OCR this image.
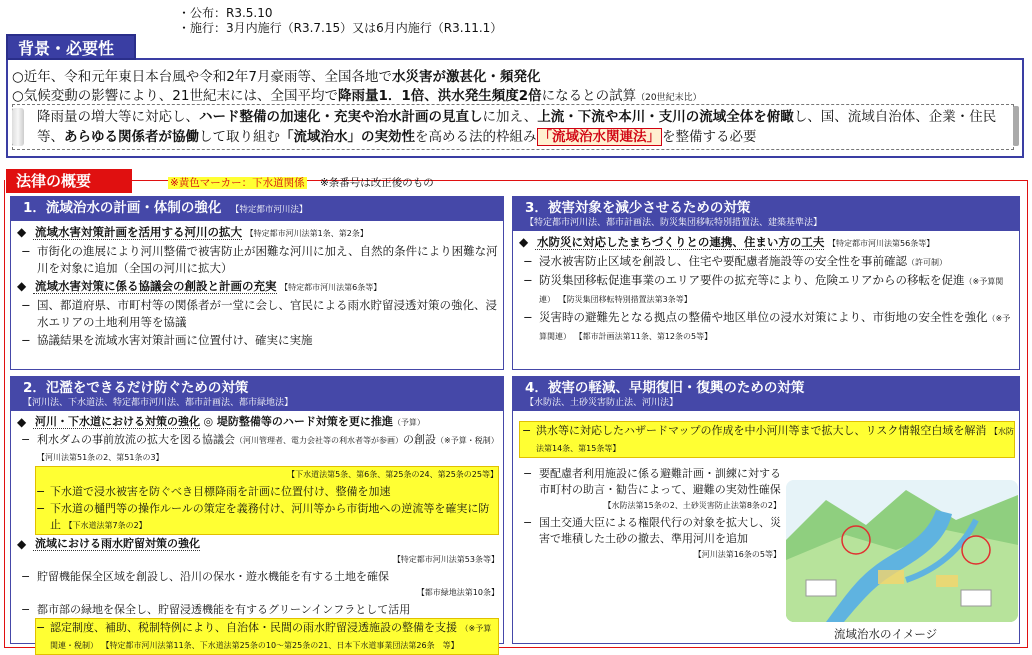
・公布：R3.5.10
・施行：3月内施行（R3.7.15）又は6月内施行（R3.11.1）
○近年、令和元年東日本台風や令和2年7月豪雨等、全国各地で水災害が激甚化・頻発化
○気候変動の影響により、21世紀末には、全国平均で降雨量1．1倍、洪水発生頻度2倍になるとの試算（20世紀末比）
背景・必要性

降雨量の増大等に対応し、ハード整備の加速化・充実や治水計画の見直しに加え、上流・下流や本川・支川の流域全体を俯瞰し、国、流域自治体、企業・住民等、あらゆる関係者が協働して取り組む「流域治水」の実効性を高める法的枠組み 「流域治水関連法」 を整備する必要

法律の概要	※黄色マーカー：下水道関係 ※条番号は改正後のもの
1．流域治水の計画・体制の強化 【特定都市河川法】
◆ 流域水害対策計画を活用する河川の拡大 【特定都市河川法第1条、第2条】
− 市街化の進展により河川整備で被害防止が困難な河川に加え、自然的条件により困難な河川を対象に追加（全国の河川に拡大）
◆ 流域水害対策に係る協議会の創設と計画の充実 【特定都市河川法第6条等】
− 国、都道府県、市町村等の関係者が一堂に会し、官民による雨水貯留浸透対策の強化、浸水エリアの土地利用等を協議
− 協議結果を流域水害対策計画に位置付け、確実に実施
2．氾濫をできるだけ防ぐための対策
【河川法、下水道法、特定都市河川法、都市計画法、都市緑地法】
◆ 河川・下水道における対策の強化 ◎ 堤防整備等のハード対策を更に推進（予算）
− 利水ダムの事前放流の拡大を図る協議会（河川管理者、電力会社等の利水者等が参画）の創設（※予算・税制） 【河川法第51条の2、第51条の3】
【下水道法第5条、第6条、第25条の24、第25条の25等】
− 下水道で浸水被害を防ぐべき目標降雨を計画に位置付け、整備を加速
− 下水道の樋門等の操作ルールの策定を義務付け、河川等から市街地への逆流等を確実に防止 【下水道法第7条の2】
◆ 流域における雨水貯留対策の強化
【特定都市河川法第53条等】
− 貯留機能保全区域を創設し、沿川の保水・遊水機能を有する土地を確保
【都市緑地法第10条】
− 都市部の緑地を保全し、貯留浸透機能を有するグリーンインフラとして活用
− 認定制度、補助、税制特例により、自治体・民間の雨水貯留浸透施設の整備を支援 （※予算関連・税制） 【特定都市河川法第11条、下水道法第25条の10～第25条の21、日本下水道事業団法第26条　等】
3．被害対象を減少させるための対策
【特定都市河川法、都市計画法、防災集団移転特別措置法、建築基準法】
◆ 水防災に対応したまちづくりとの連携、住まい方の工夫 【特定都市河川法第56条等】
− 浸水被害防止区域を創設し、住宅や要配慮者施設等の安全性を事前確認（許可制）
− 防災集団移転促進事業のエリア要件の拡充等により、危険エリアからの移転を促進（※予算関連） 【防災集団移転特別措置法第3条等】
− 災害時の避難先となる拠点の整備や地区単位の浸水対策により、市街地の安全性を強化（※予算関連） 【都市計画法第11条、第12条の5等】
4．被害の軽減、早期復旧・復興のための対策
【水防法、土砂災害防止法、河川法】
− 洪水等に対応したハザードマップの作成を中小河川等まで拡大し、リスク情報空白域を解消 【水防法第14条、第15条等】
− 要配慮者利用施設に係る避難計画・訓練に対する市町村の助言・勧告によって、避難の実効性確保
【水防法第15条の2、土砂災害防止法第8条の2】
− 国土交通大臣による権限代行の対象を拡大し、災害で堆積した土砂の撤去、準用河川を追加
【河川法第16条の5等】
流域治水のイメージ
